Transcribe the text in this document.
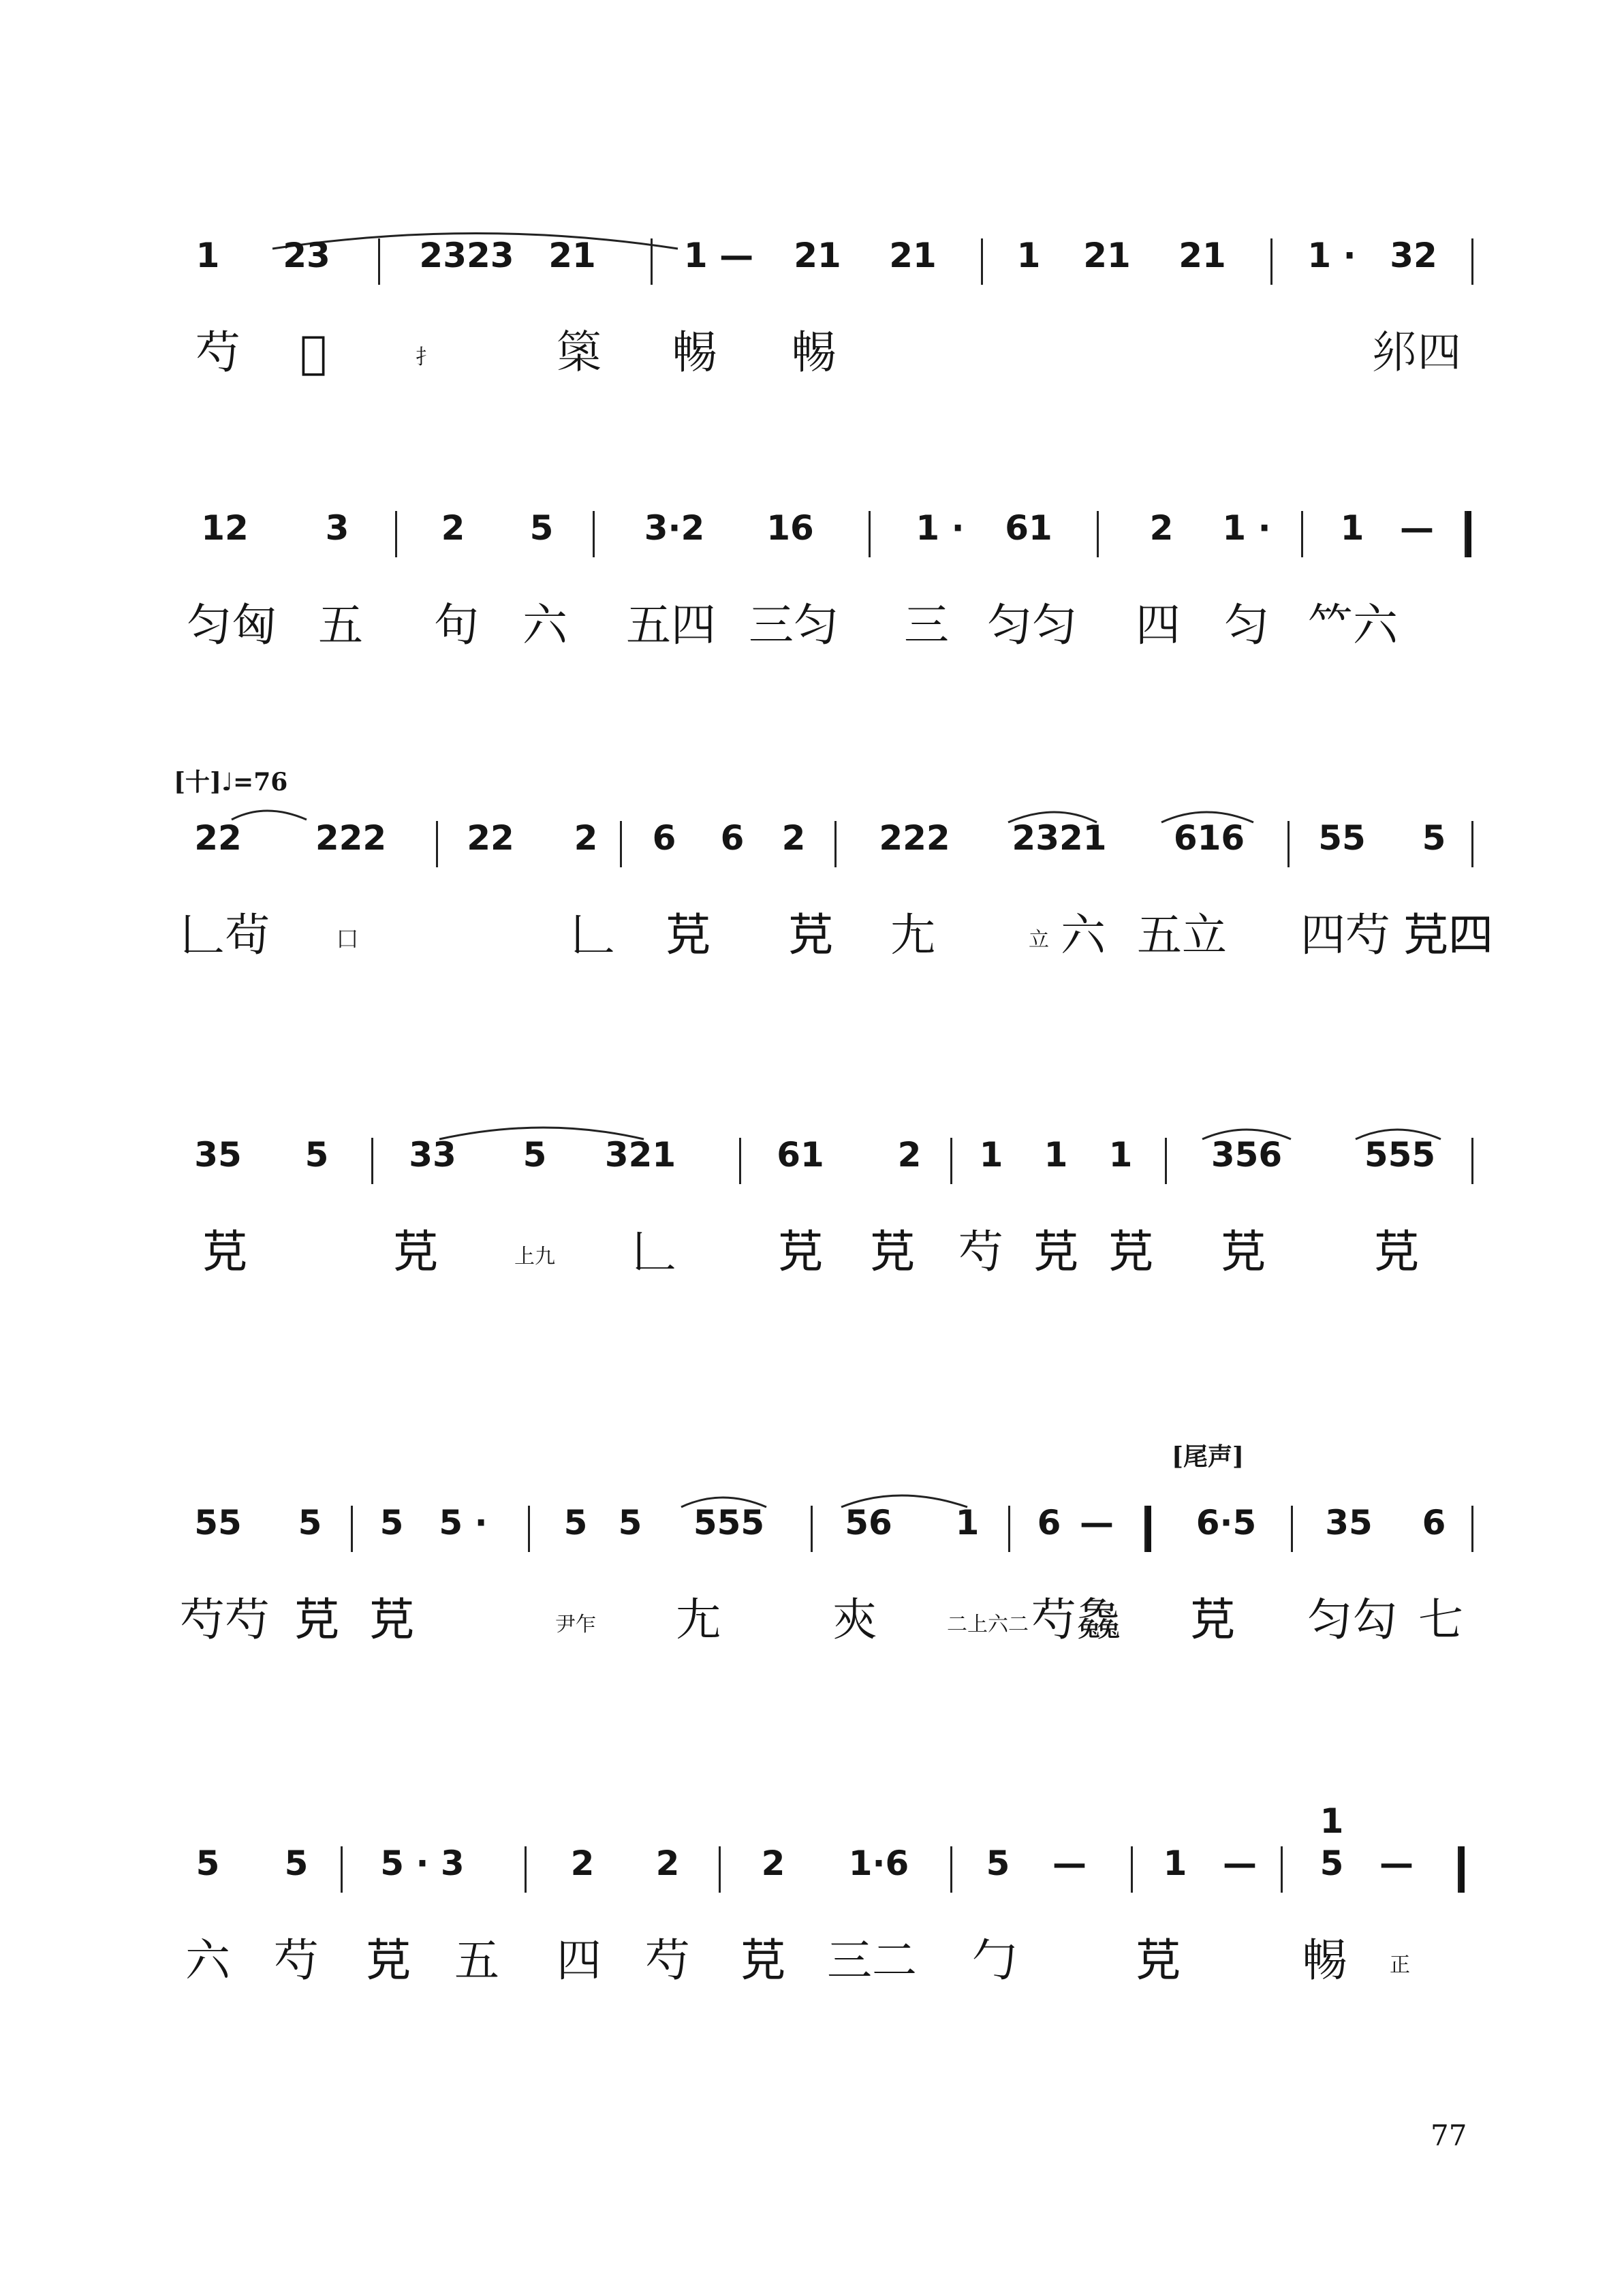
1	23	2323	21	1 —	21	21	1	21	21	1 · 32
芍	𫎌	扌	𥮣	𣈱	𣈱	𨙵四
12	3	2 5	3·2	16	1 ·	61	2 1 · 1 —
匀匈 五 句 六 五四 三匀 三 匀匀 四 匀 𥫗六
[十]♩=76
22	222	22	2 6 6 2	222	2321	616	55	5
𠃊茍	囗	𠃊 𦬺 𦬺 𡯁	立 六 五立 四芍 𦬺四
35	5	33	5	321	61	2 1 1 1	356	555
𦬺	𦬺	上九 𠃊	𦬺	𦬺 芍 𦬺 𦬺	𦬺	𦬺
[尾声]
55	5 5 5 · 5 5	555	56	1 6 — 6·5	35	6
芍芍 𦬺 𦬺	尹乍 𡯁 㚒	二上六二 芍𠓗	𦬺	匀勾 七
5 5 5 · 3	2 2 2 1·6 5 — 1 —
1
5 —
六 芍 𦬺 五 四 芍 𦬺 三二 勹	𦬺	𣈱	正
77
